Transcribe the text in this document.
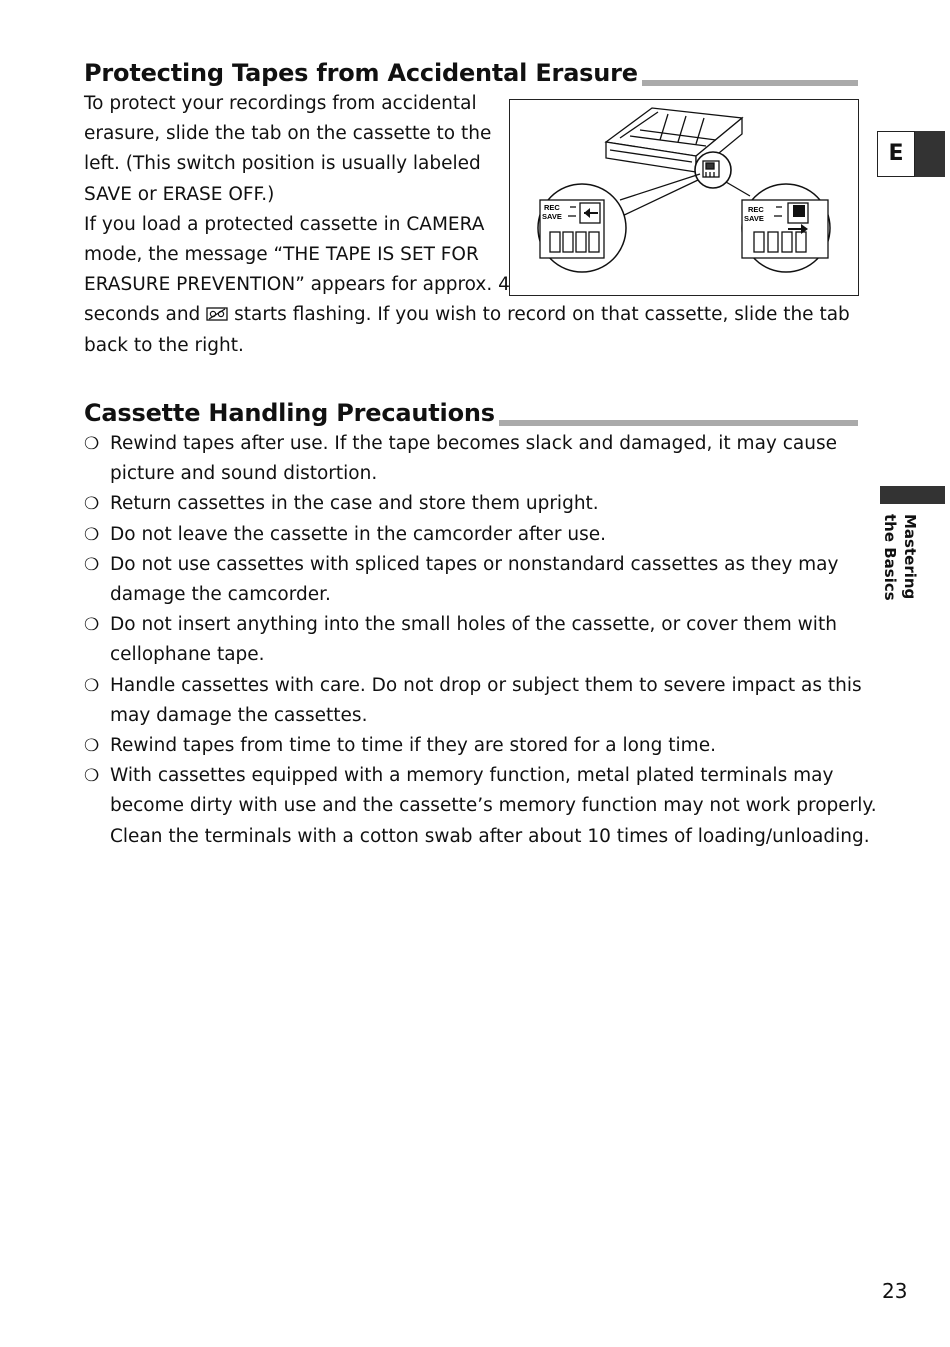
Protecting Tapes from Accidental Erasure
To protect your recordings from accidental
erasure, slide the tab on the cassette to the
left. (This switch position is usually labeled
SAVE or ERASE OFF.)
If you load a protected cassette in CAMERA
mode, the message “THE TAPE IS SET FOR
ERASURE PREVENTION” appears for approx. 4
seconds and starts flashing. If you wish to record on that cassette, slide the tab
back to the right.
REC
SAVE
REC
SAVE
E
Cassette Handling Precautions
❍ Rewind tapes after use. If the tape becomes slack and damaged, it may cause
picture and sound distortion.
❍ Return cassettes in the case and store them upright.
❍ Do not leave the cassette in the camcorder after use.
❍ Do not use cassettes with spliced tapes or nonstandard cassettes as they may
damage the camcorder.
❍ Do not insert anything into the small holes of the cassette, or cover them with
cellophane tape.
❍ Handle cassettes with care. Do not drop or subject them to severe impact as this
may damage the cassettes.
❍ Rewind tapes from time to time if they are stored for a long time.
❍ With cassettes equipped with a memory function, metal plated terminals may
become dirty with use and the cassette’s memory function may not work properly.
Clean the terminals with a cotton swab after about 10 times of loading/unloading.
Mastering
the Basics
23
